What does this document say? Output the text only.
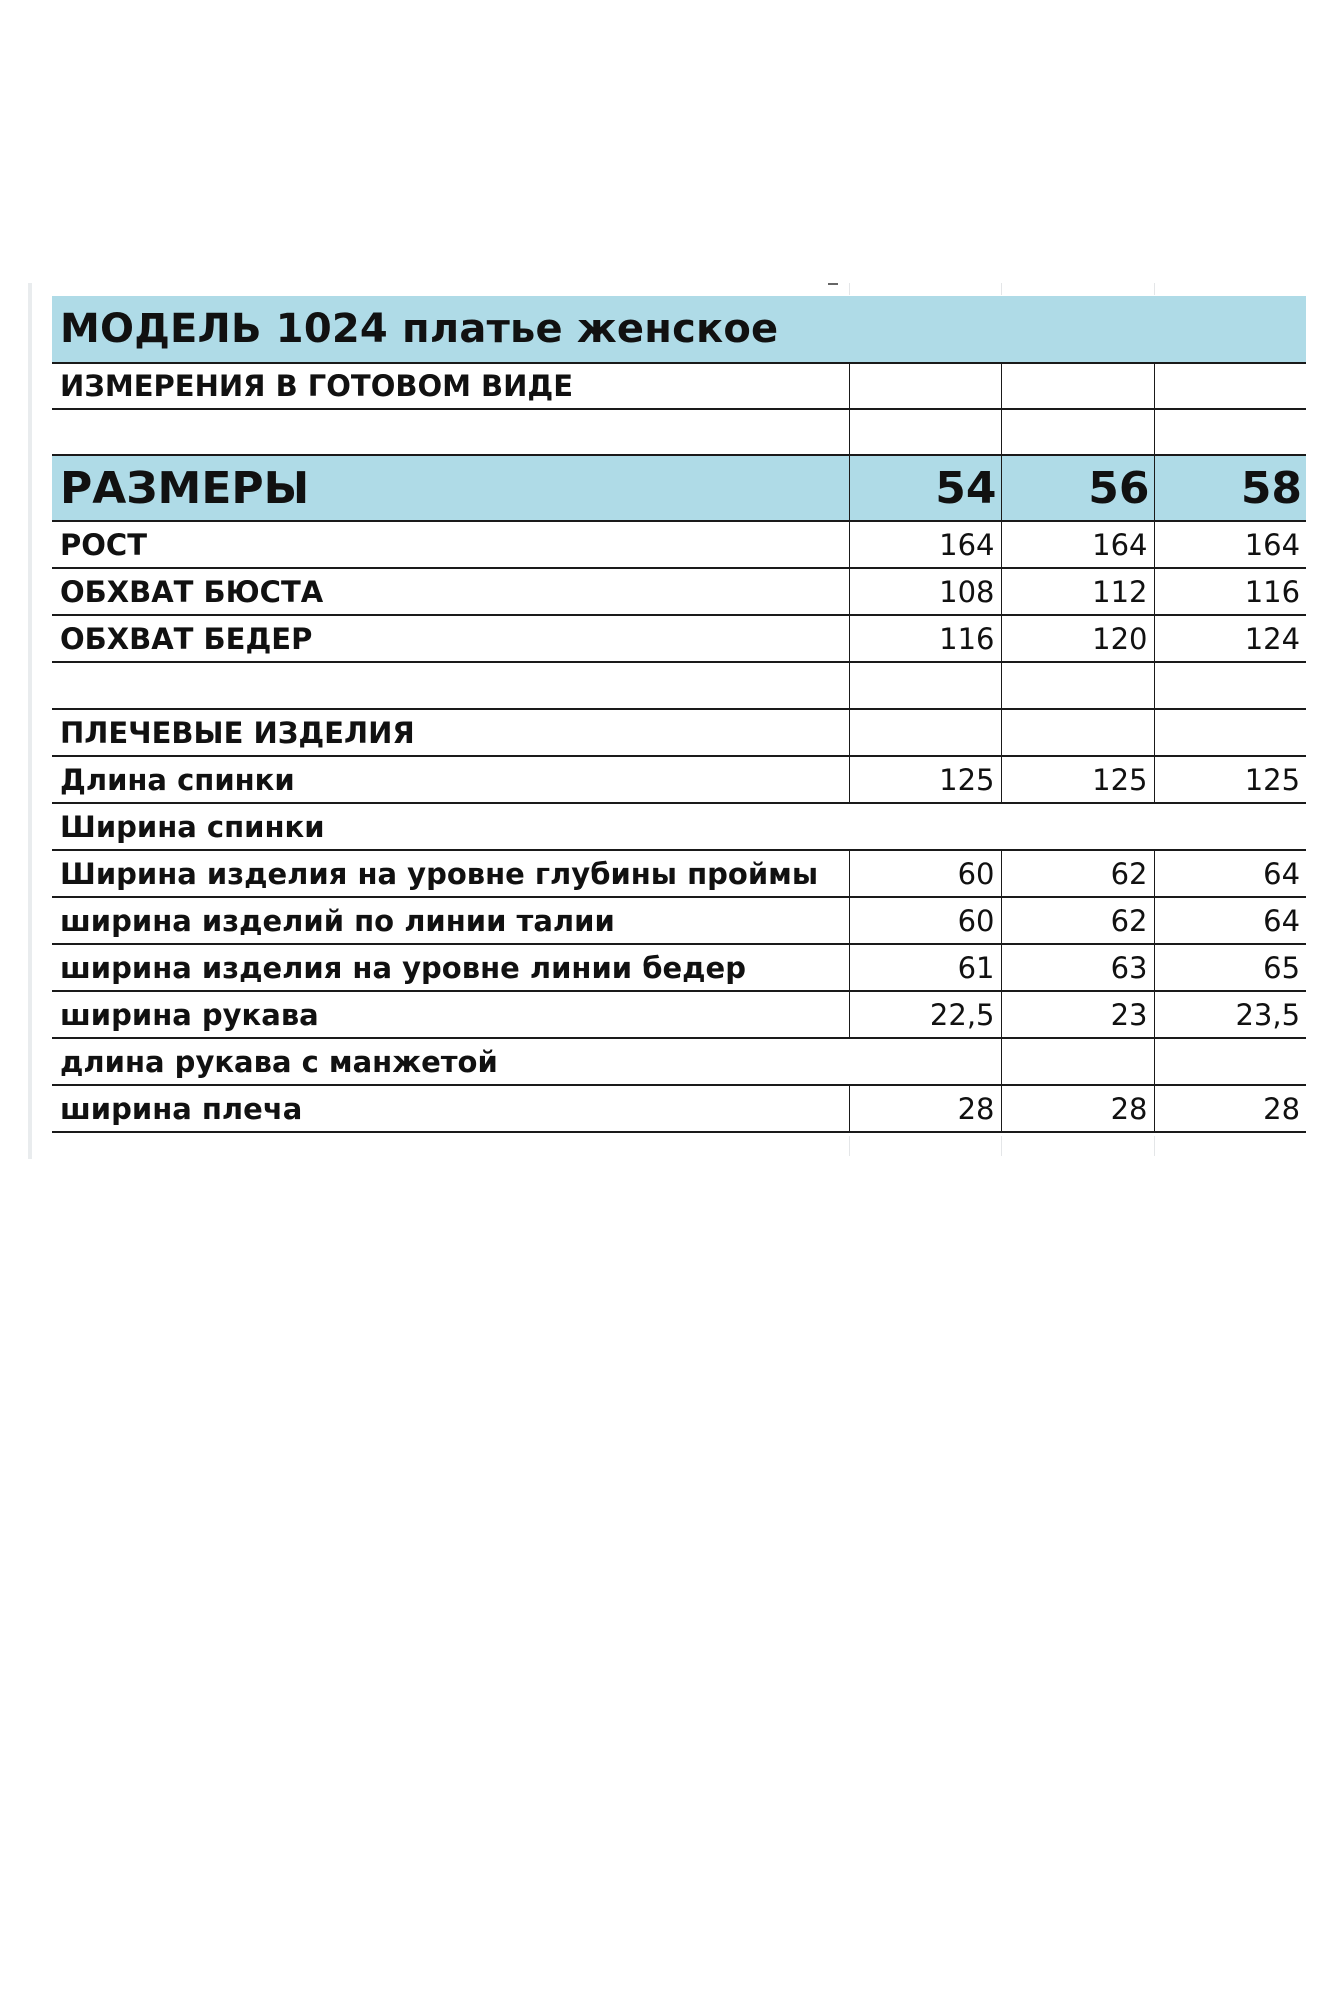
МОДЕЛЬ 1024 платье женское			
ИЗМЕРЕНИЯ В ГОТОВОМ ВИДЕ			

РАЗМЕРЫ	54	56	58
РОСТ	164	164	164
ОБХВАТ БЮСТА	108	112	116
ОБХВАТ БЕДЕР	116	120	124

ПЛЕЧЕВЫЕ ИЗДЕЛИЯ			
Длина спинки	125	125	125
Ширина спинки			
Ширина изделия на уровне глубины проймы	60	62	64
ширина изделий по линии талии	60	62	64
ширина изделия на уровне линии бедер	61	63	65
ширина рукава	22,5	23	23,5
длина рукава с манжетой			
ширина плеча	28	28	28
